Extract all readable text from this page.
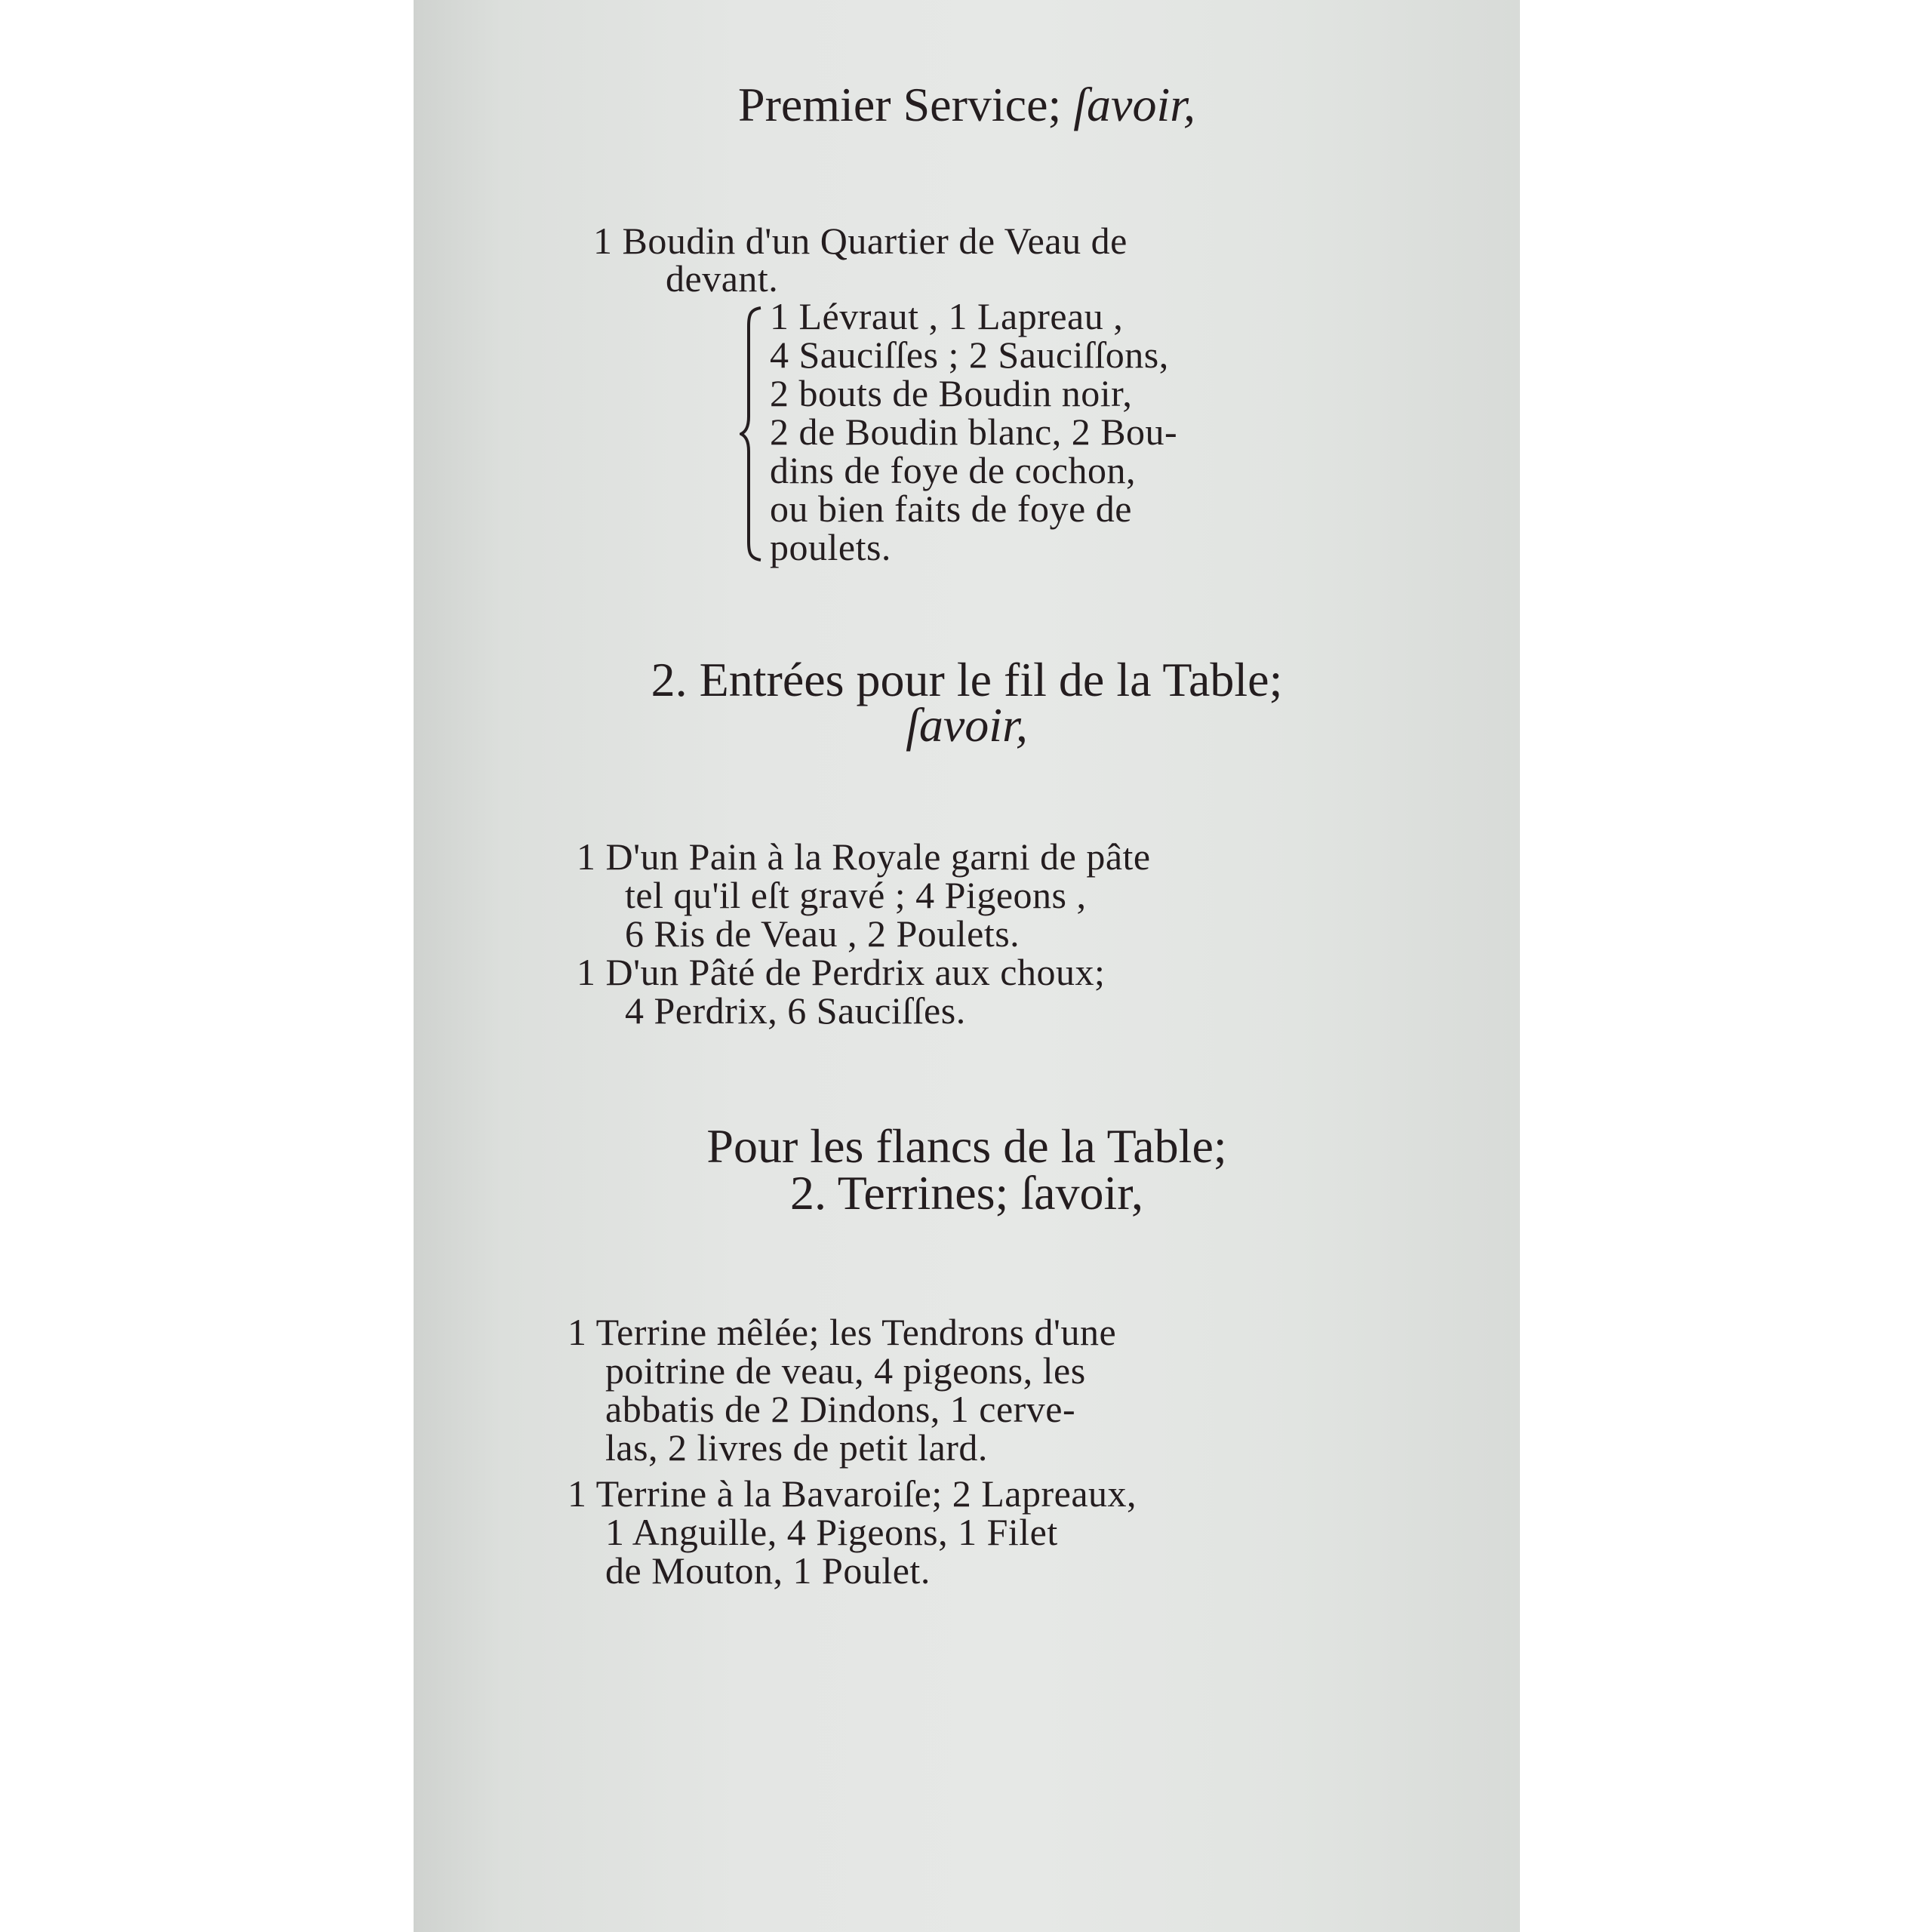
Premier Service; ſavoir,
1 Boudin d'un Quartier de Veau de
devant.
1 Lévraut , 1 Lapreau ,
4 Sauciſſes ; 2 Sauciſſons,
2 bouts de Boudin noir,
2 de Boudin blanc, 2 Bou-
dins de foye de cochon,
ou bien faits de foye de
poulets.
2. Entrées pour le fil de la Table;
ſavoir,
1 D'un Pain à la Royale garni de pâte
tel qu'il eſt gravé ; 4 Pigeons ,
6 Ris de Veau , 2 Poulets.
1 D'un Pâté de Perdrix aux choux;
4 Perdrix, 6 Sauciſſes.
Pour les flancs de la Table;
2. Terrines; ſavoir,
1 Terrine mêlée; les Tendrons d'une
poitrine de veau, 4 pigeons, les
abbatis de 2 Dindons, 1 cerve-
las, 2 livres de petit lard.
1 Terrine à la Bavaroiſe; 2 Lapreaux,
1 Anguille, 4 Pigeons, 1 Filet
de Mouton, 1 Poulet.
